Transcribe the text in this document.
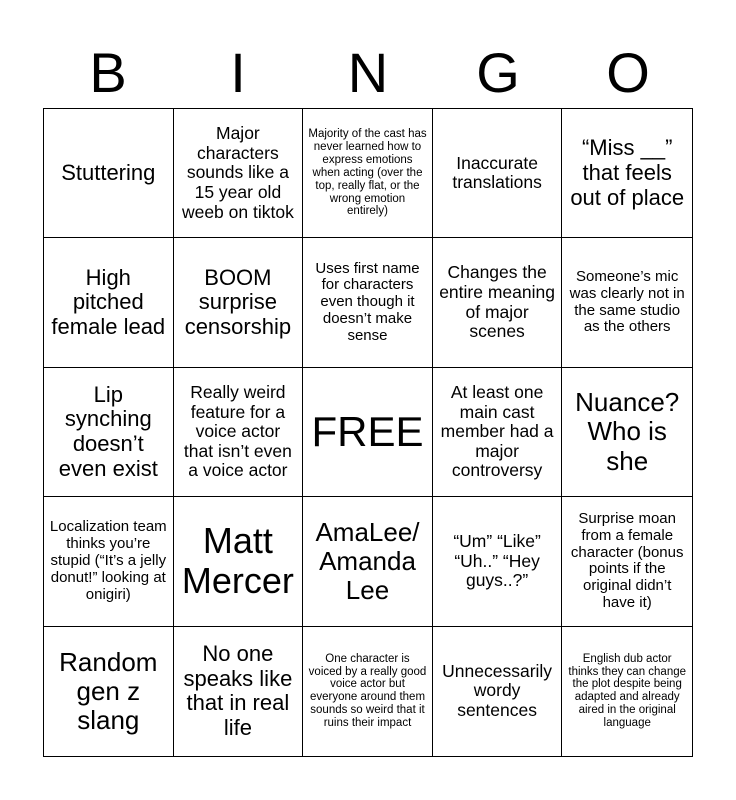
B	I	N	G	O
Stuttering
Major characters sounds like a 15 year old weeb on tiktok
Majority of the cast has never learned how to express emotions when acting (over the top, really flat, or the wrong emotion entirely)
Inaccurate translations
“Miss __” that feels out of place
High pitched female lead
BOOM surprise censorship
Uses first name for characters even though it doesn’t make sense
Changes the entire meaning of major scenes
Someone’s mic was clearly not in the same studio as the others
Lip synching doesn’t even exist
Really weird feature for a voice actor that isn’t even a voice actor
FREE
At least one main cast member had a major controversy
Nuance? Who is she
Localization team thinks you’re stupid (“It’s a jelly donut!” looking at onigiri)
Matt Mercer
AmaLee/ Amanda Lee
“Um” “Like” “Uh..” “Hey guys..?”
Surprise moan from a female character (bonus points if the original didn’t have it)
Random gen z slang
No one speaks like that in real life
One character is voiced by a really good voice actor but everyone around them sounds so weird that it ruins their impact
Unnecessarily wordy sentences
English dub actor thinks they can change the plot despite being adapted and already aired in the original language
